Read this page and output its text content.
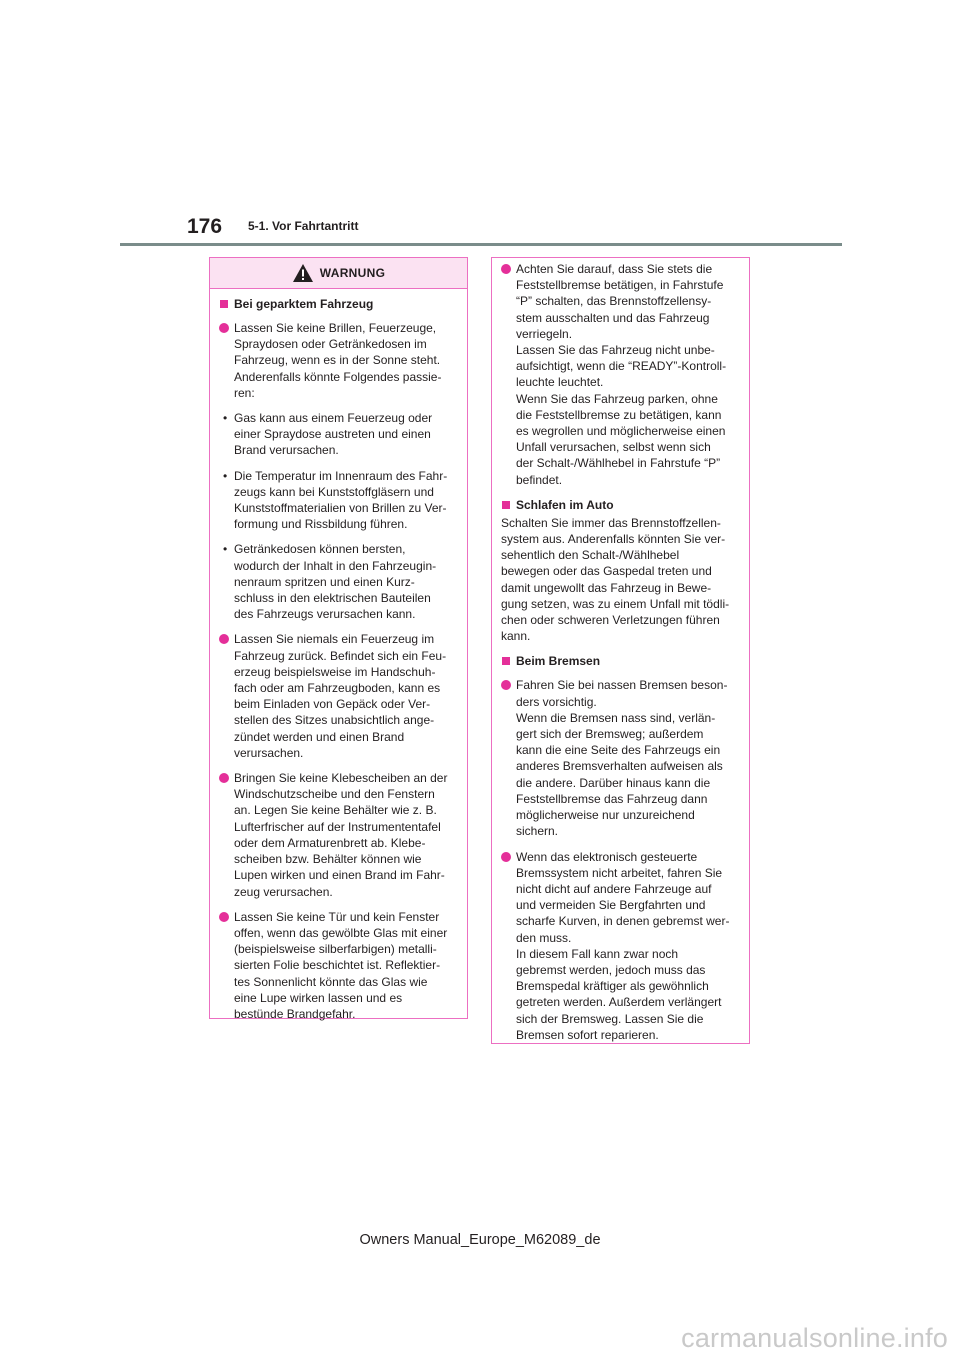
176 5-1. Vor Fahrtantritt
WARNUNG
Bei geparktem Fahrzeug
Lassen Sie keine Brillen, Feuerzeuge,
Spraydosen oder Getränkedosen im
Fahrzeug, wenn es in der Sonne steht.
Anderenfalls könnte Folgendes passie-
ren:
• Gas kann aus einem Feuerzeug oder
einer Spraydose austreten und einen
Brand verursachen.
• Die Temperatur im Innenraum des Fahr-
zeugs kann bei Kunststoffgläsern und
Kunststoffmaterialien von Brillen zu Ver-
formung und Rissbildung führen.
• Getränkedosen können bersten,
wodurch der Inhalt in den Fahrzeugin-
nenraum spritzen und einen Kurz-
schluss in den elektrischen Bauteilen
des Fahrzeugs verursachen kann.
Lassen Sie niemals ein Feuerzeug im
Fahrzeug zurück. Befindet sich ein Feu-
erzeug beispielsweise im Handschuh-
fach oder am Fahrzeugboden, kann es
beim Einladen von Gepäck oder Ver-
stellen des Sitzes unabsichtlich ange-
zündet werden und einen Brand
verursachen.
Bringen Sie keine Klebescheiben an der
Windschutzscheibe und den Fenstern
an. Legen Sie keine Behälter wie z. B.
Lufterfrischer auf der Instrumententafel
oder dem Armaturenbrett ab. Klebe-
scheiben bzw. Behälter können wie
Lupen wirken und einen Brand im Fahr-
zeug verursachen.
Lassen Sie keine Tür und kein Fenster
offen, wenn das gewölbte Glas mit einer
(beispielsweise silberfarbigen) metalli-
sierten Folie beschichtet ist. Reflektier-
tes Sonnenlicht könnte das Glas wie
eine Lupe wirken lassen und es
bestünde Brandgefahr.
Achten Sie darauf, dass Sie stets die
Feststellbremse betätigen, in Fahrstufe
“P” schalten, das Brennstoffzellensy-
stem ausschalten und das Fahrzeug
verriegeln.
Lassen Sie das Fahrzeug nicht unbe-
aufsichtigt, wenn die “READY”-Kontroll-
leuchte leuchtet.
Wenn Sie das Fahrzeug parken, ohne
die Feststellbremse zu betätigen, kann
es wegrollen und möglicherweise einen
Unfall verursachen, selbst wenn sich
der Schalt-/Wählhebel in Fahrstufe “P”
befindet.
Schlafen im Auto
Schalten Sie immer das Brennstoffzellen-
system aus. Anderenfalls könnten Sie ver-
sehentlich den Schalt-/Wählhebel
bewegen oder das Gaspedal treten und
damit ungewollt das Fahrzeug in Bewe-
gung setzen, was zu einem Unfall mit tödli-
chen oder schweren Verletzungen führen
kann.
Beim Bremsen
Fahren Sie bei nassen Bremsen beson-
ders vorsichtig.
Wenn die Bremsen nass sind, verlän-
gert sich der Bremsweg; außerdem
kann die eine Seite des Fahrzeugs ein
anderes Bremsverhalten aufweisen als
die andere. Darüber hinaus kann die
Feststellbremse das Fahrzeug dann
möglicherweise nur unzureichend
sichern.
Wenn das elektronisch gesteuerte
Bremssystem nicht arbeitet, fahren Sie
nicht dicht auf andere Fahrzeuge auf
und vermeiden Sie Bergfahrten und
scharfe Kurven, in denen gebremst wer-
den muss.
In diesem Fall kann zwar noch
gebremst werden, jedoch muss das
Bremspedal kräftiger als gewöhnlich
getreten werden. Außerdem verlängert
sich der Bremsweg. Lassen Sie die
Bremsen sofort reparieren.
Owners Manual_Europe_M62089_de
carmanualsonline.info
